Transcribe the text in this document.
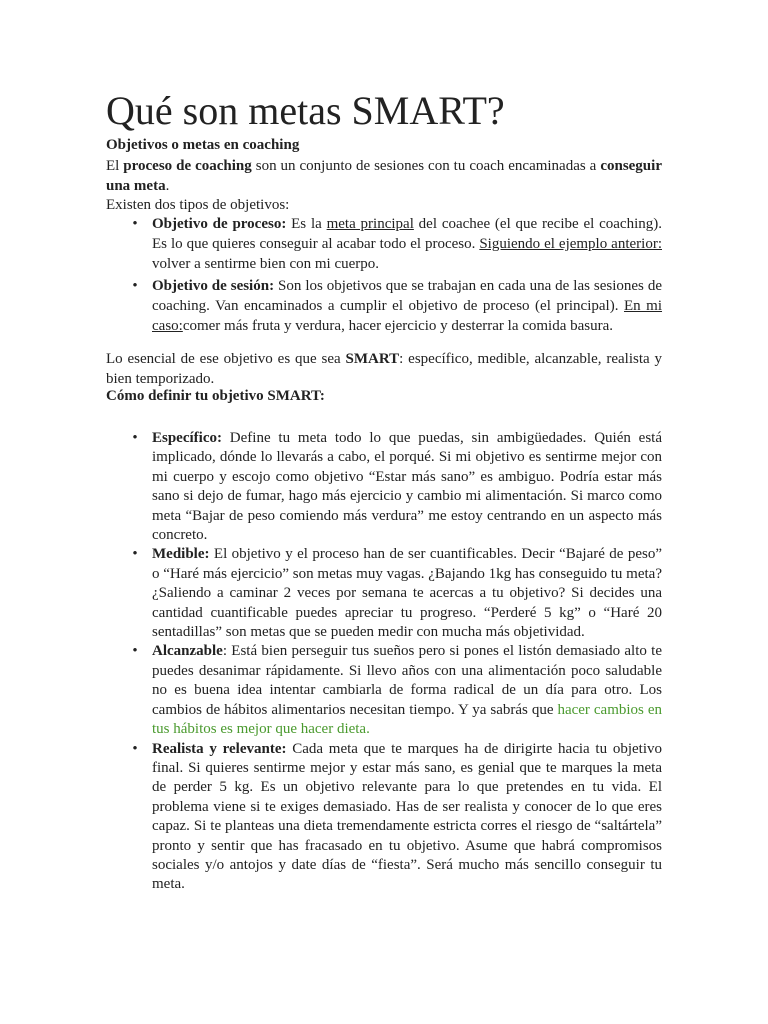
Qué son metas SMART?
Objetivos o metas en coaching

El proceso de coaching son un conjunto de sesiones con tu coach encaminadas a conseguir una meta.

Existen dos tipos de objetivos:
• Objetivo de proceso: Es la meta principal del coachee (el que recibe el coaching). Es lo que quieres conseguir al acabar todo el proceso. Siguiendo el ejemplo anterior: volver a sentirme bien con mi cuerpo.
• Objetivo de sesión: Son los objetivos que se trabajan en cada una de las sesiones de coaching. Van encaminados a cumplir el objetivo de proceso (el principal). En mi caso:comer más fruta y verdura, hacer ejercicio y desterrar la comida basura.

Lo esencial de ese objetivo es que sea SMART: específico, medible, alcanzable, realista y bien temporizado.

Cómo definir tu objetivo SMART:
• Específico: Define tu meta todo lo que puedas, sin ambigüedades. Quién está implicado, dónde lo llevarás a cabo, el porqué. Si mi objetivo es sentirme mejor con mi cuerpo y escojo como objetivo “Estar más sano” es ambiguo. Podría estar más sano si dejo de fumar, hago más ejercicio y cambio mi alimentación. Si marco como meta “Bajar de peso comiendo más verdura” me estoy centrando en un aspecto más concreto.
• Medible: El objetivo y el proceso han de ser cuantificables. Decir “Bajaré de peso” o “Haré más ejercicio” son metas muy vagas. ¿Bajando 1kg has conseguido tu meta? ¿Saliendo a caminar 2 veces por semana te acercas a tu objetivo? Si decides una cantidad cuantificable puedes apreciar tu progreso. “Perderé 5 kg” o “Haré 20 sentadillas” son metas que se pueden medir con mucha más objetividad.
• Alcanzable: Está bien perseguir tus sueños pero si pones el listón demasiado alto te puedes desanimar rápidamente. Si llevo años con una alimentación poco saludable no es buena idea intentar cambiarla de forma radical de un día para otro. Los cambios de hábitos alimentarios necesitan tiempo. Y ya sabrás que hacer cambios en tus hábitos es mejor que hacer dieta.
• Realista y relevante: Cada meta que te marques ha de dirigirte hacia tu objetivo final. Si quieres sentirme mejor y estar más sano, es genial que te marques la meta de perder 5 kg. Es un objetivo relevante para lo que pretendes en tu vida. El problema viene si te exiges demasiado. Has de ser realista y conocer de lo que eres capaz. Si te planteas una dieta tremendamente estricta corres el riesgo de “saltártela” pronto y sentir que has fracasado en tu objetivo. Asume que habrá compromisos sociales y/o antojos y date días de “fiesta”. Será mucho más sencillo conseguir tu meta.
